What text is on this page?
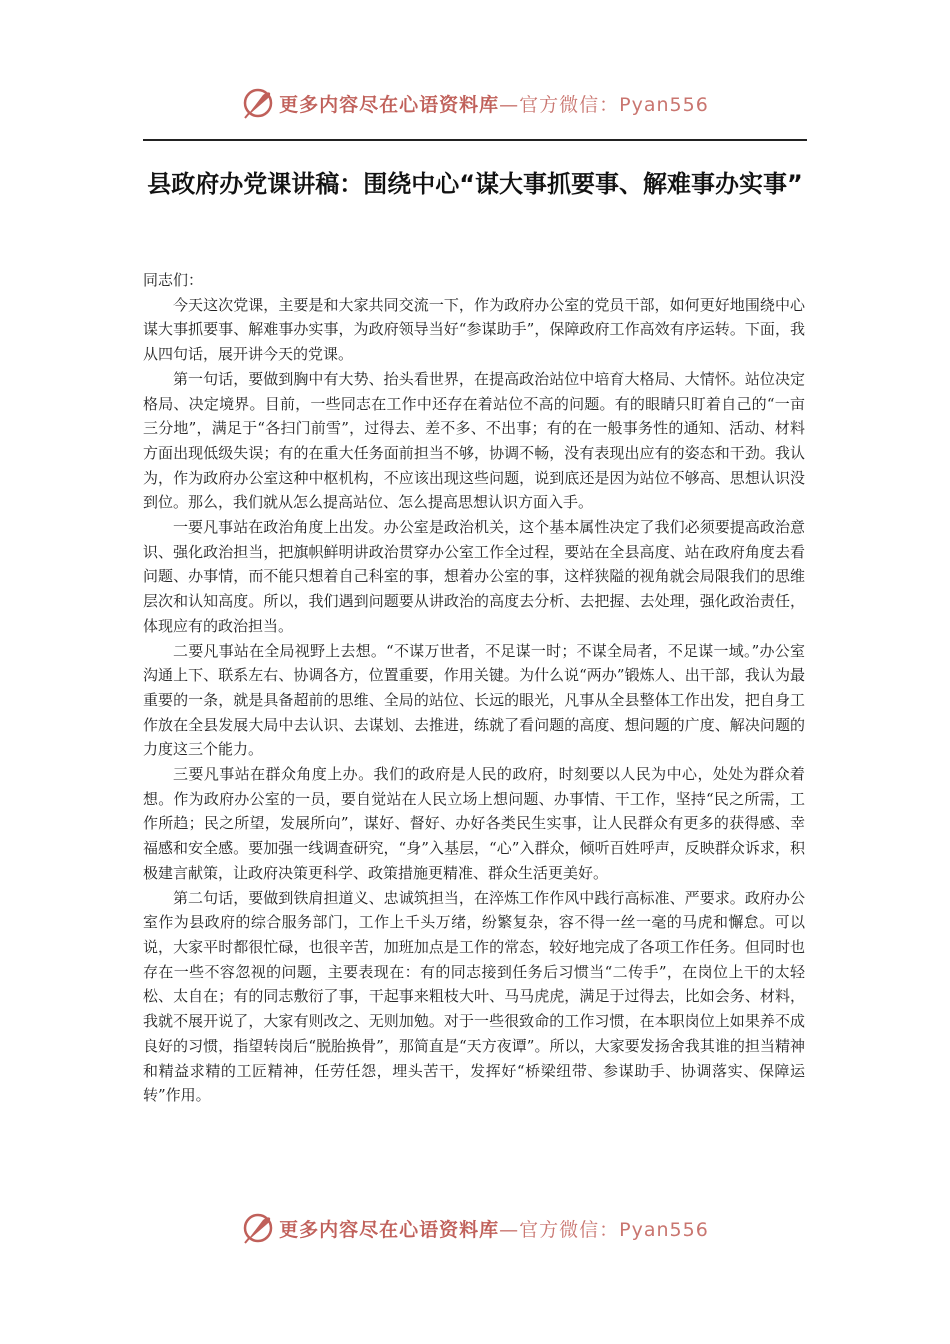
更多内容尽在心语资料库—官方微信：Pyan556
县政府办党课讲稿：围绕中心“谋大事抓要事、解难事办实事”

同志们：

今天这次党课，主要是和大家共同交流一下，作为政府办公室的党员干部，如何更好地围绕中心谋大事抓要事、解难事办实事，为政府领导当好“参谋助手”，保障政府工作高效有序运转。下面，我从四句话，展开讲今天的党课。

第一句话，要做到胸中有大势、抬头看世界，在提高政治站位中培育大格局、大情怀。站位决定格局、决定境界。目前，一些同志在工作中还存在着站位不高的问题。有的眼睛只盯着自己的“一亩三分地”，满足于“各扫门前雪”，过得去、差不多、不出事；有的在一般事务性的通知、活动、材料方面出现低级失误；有的在重大任务面前担当不够，协调不畅，没有表现出应有的姿态和干劲。我认为，作为政府办公室这种中枢机构，不应该出现这些问题，说到底还是因为站位不够高、思想认识没到位。那么，我们就从怎么提高站位、怎么提高思想认识方面入手。

一要凡事站在政治角度上出发。办公室是政治机关，这个基本属性决定了我们必须要提高政治意识、强化政治担当，把旗帜鲜明讲政治贯穿办公室工作全过程，要站在全县高度、站在政府角度去看问题、办事情，而不能只想着自己科室的事，想着办公室的事，这样狭隘的视角就会局限我们的思维层次和认知高度。所以，我们遇到问题要从讲政治的高度去分析、去把握、去处理，强化政治责任，体现应有的政治担当。

二要凡事站在全局视野上去想。“不谋万世者，不足谋一时；不谋全局者，不足谋一域。”办公室沟通上下、联系左右、协调各方，位置重要，作用关键。为什么说“两办”锻炼人、出干部，我认为最重要的一条，就是具备超前的思维、全局的站位、长远的眼光，凡事从全县整体工作出发，把自身工作放在全县发展大局中去认识、去谋划、去推进，练就了看问题的高度、想问题的广度、解决问题的力度这三个能力。

三要凡事站在群众角度上办。我们的政府是人民的政府，时刻要以人民为中心，处处为群众着想。作为政府办公室的一员，要自觉站在人民立场上想问题、办事情、干工作，坚持“民之所需，工作所趋；民之所望，发展所向”，谋好、督好、办好各类民生实事，让人民群众有更多的获得感、幸福感和安全感。要加强一线调查研究，“身”入基层，“心”入群众，倾听百姓呼声，反映群众诉求，积极建言献策，让政府决策更科学、政策措施更精准、群众生活更美好。

第二句话，要做到铁肩担道义、忠诚筑担当，在淬炼工作作风中践行高标准、严要求。政府办公室作为县政府的综合服务部门，工作上千头万绪，纷繁复杂，容不得一丝一毫的马虎和懈怠。可以说，大家平时都很忙碌，也很辛苦，加班加点是工作的常态，较好地完成了各项工作任务。但同时也存在一些不容忽视的问题，主要表现在：有的同志接到任务后习惯当“二传手”，在岗位上干的太轻松、太自在；有的同志敷衍了事，干起事来粗枝大叶、马马虎虎，满足于过得去，比如会务、材料，我就不展开说了，大家有则改之、无则加勉。对于一些很致命的工作习惯，在本职岗位上如果养不成良好的习惯，指望转岗后“脱胎换骨”，那简直是“天方夜谭”。所以，大家要发扬舍我其谁的担当精神和精益求精的工匠精神，任劳任怨，埋头苦干，发挥好“桥梁纽带、参谋助手、协调落实、保障运转”作用。

更多内容尽在心语资料库—官方微信：Pyan556
